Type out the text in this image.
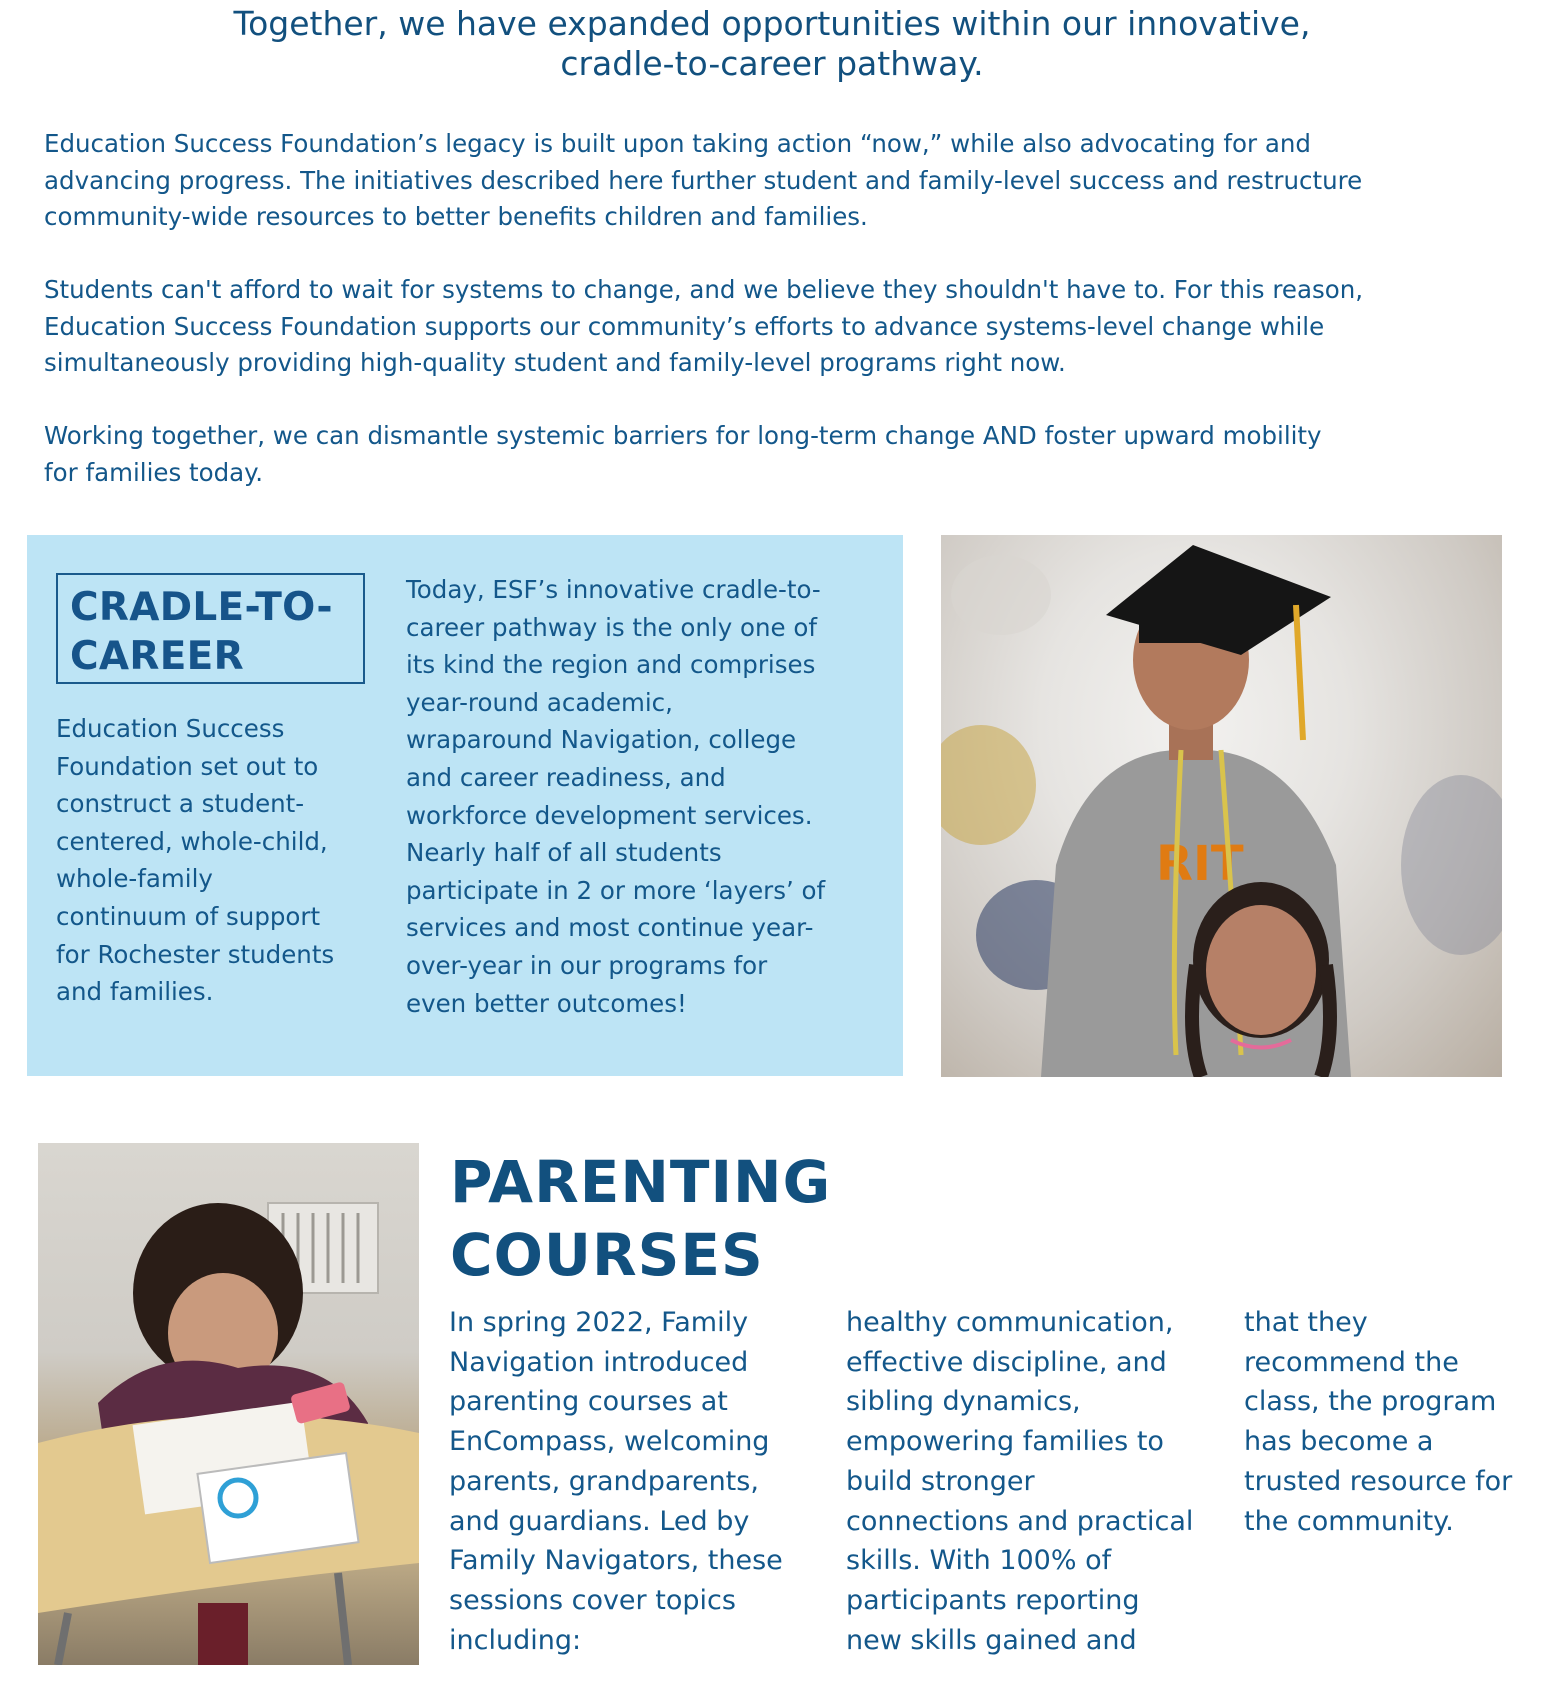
Together, we have expanded opportunities within our innovative,
cradle-to-career pathway.

Education Success Foundation’s legacy is built upon taking action “now,” while also advocating for and

advancing progress. The initiatives described here further student and family-level success and restructure

community-wide resources to better benefits children and families.

Students can't afford to wait for systems to change, and we believe they shouldn't have to. For this reason,

Education Success Foundation supports our community’s efforts to advance systems-level change while

simultaneously providing high-quality student and family-level programs right now.

Working together, we can dismantle systemic barriers for long-term change AND foster upward mobility

for families today.

CRADLE-TO-
CAREER
Education Success
Foundation set out to
construct a student-
centered, whole-child,
whole-family
continuum of support
for Rochester students
and families.
Today, ESF’s innovative cradle-to-
career pathway is the only one of
its kind the region and comprises
year-round academic,
wraparound Navigation, college
and career readiness, and
workforce development services.
Nearly half of all students
participate in 2 or more ‘layers’ of
services and most continue year-
over-year in our programs for
even better outcomes!
RIT
PARENTING
COURSES
In spring 2022, Family
Navigation introduced
parenting courses at
EnCompass, welcoming
parents, grandparents,
and guardians. Led by
Family Navigators, these
sessions cover topics
including:
healthy communication,
effective discipline, and
sibling dynamics,
empowering families to
build stronger
connections and practical
skills. With 100% of
participants reporting
new skills gained and
that they
recommend the
class, the program
has become a
trusted resource for
the community.
